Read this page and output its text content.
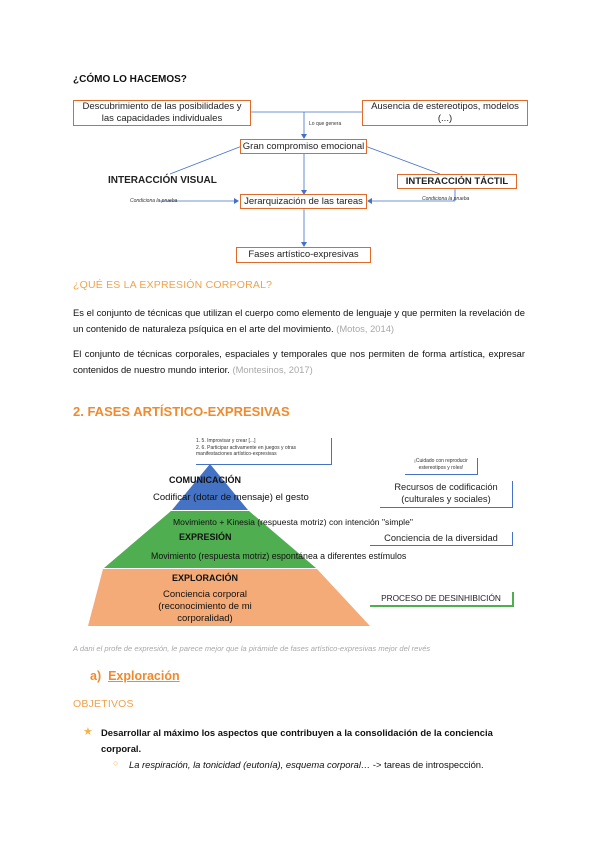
¿CÓMO LO HACEMOS?
Descubrimiento de las posibilidades y
las capacidades individuales
Ausencia de estereotipos, modelos
(...)
Lo que genera
Gran compromiso emocional
INTERACCIÓN VISUAL	INTERACCIÓN TÁCTIL
Condiciona la prueba	Condiciona la prueba
Jerarquización de las tareas
Fases artístico-expresivas
¿QUÉ ES LA EXPRESIÓN CORPORAL?
Es el conjunto de técnicas que utilizan el cuerpo como elemento de lenguaje y que permiten la revelación de un contenido de naturaleza psíquica en el arte del movimiento. (Motos, 2014)
El conjunto de técnicas corporales, espaciales y temporales que nos permiten de forma artística, expresar contenidos de nuestro mundo interior. (Montesinos, 2017)
2. FASES ARTÍSTICO-EXPRESIVAS
1. 5. Improvisar y crear [...]
2. 6. Participar activamente en juegos y otras
manifestaciones artístico-expresivas
COMUNICACIÓN
Codificar (dotar de mensaje) el gesto
Movimiento + Kinesia (respuesta motriz) con intención "simple"
EXPRESIÓN
Movimiento (respuesta motriz) espontánea a diferentes estímulos
EXPLORACIÓN
Conciencia corporal
(reconocimiento de mi
corporalidad)
¡Cuidado con reproducir
estereotipos y roles!
Recursos de codificación
(culturales y sociales)
Conciencia de la diversidad
PROCESO DE DESINHIBICIÓN
A dani el profe de expresión, le parece mejor que la pirámide de fases artístico-expresivas mejor del revés
a) Exploración
OBJETIVOS
★ Desarrollar al máximo los aspectos que contribuyen a la consolidación de la conciencia
corporal.
○ La respiración, la tonicidad (eutonía), esquema corporal… -> tareas de introspección.
